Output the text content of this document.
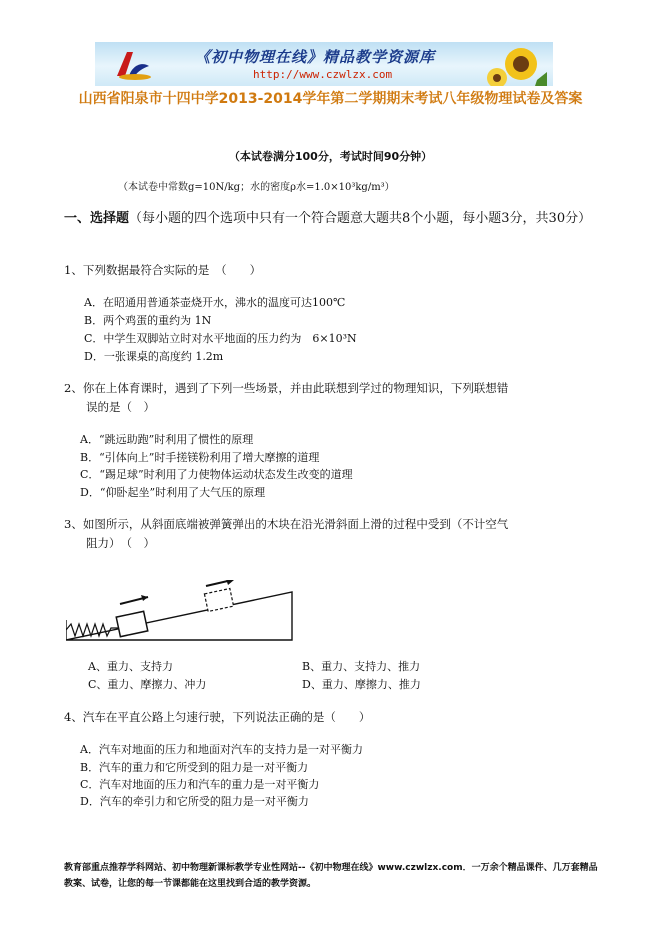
《初中物理在线》精品教学资源库
http://www.czwlzx.com
山西省阳泉市十四中学2013-2014学年第二学期期末考试八年级物理试卷及答案
（本试卷满分100分，考试时间90分钟）
（本试卷中常数g=10N/kg；水的密度ρ水=1.0×10³kg/m³）
一、选择题（每小题的四个选项中只有一个符合题意大题共8个小题，每小题3分，共30分）
1、下列数据最符合实际的是　（　　）
A．在昭通用普通茶壶烧开水，沸水的温度可达100℃
B．两个鸡蛋的重约为 1N
C．中学生双脚站立时对水平地面的压力约为　6×10³N
D．一张课桌的高度约 1.2m
2、你在上体育课时，遇到了下列一些场景，并由此联想到学过的物理知识，下列联想错
误的是（　）
A．“跳远助跑”时利用了惯性的原理
B．“引体向上”时手搓镁粉利用了增大摩擦的道理
C．“踢足球”时利用了力使物体运动状态发生改变的道理
D．“仰卧起坐”时利用了大气压的原理
3、如图所示，从斜面底端被弹簧弹出的木块在沿光滑斜面上滑的过程中受到（不计空气
阻力）　（　）
A、重力、支持力	B、重力、支持力、推力
C、重力、摩擦力、冲力	D、重力、摩擦力、推力
4、汽车在平直公路上匀速行驶，下列说法正确的是（　　）
A．汽车对地面的压力和地面对汽车的支持力是一对平衡力
B．汽车的重力和它所受到的阻力是一对平衡力
C．汽车对地面的压力和汽车的重力是一对平衡力
D．汽车的牵引力和它所受的阻力是一对平衡力
教育部重点推荐学科网站、初中物理新课标教学专业性网站--《初中物理在线》www.czwlzx.com．一万余个精品课件、几万套精品教案、试卷，让您的每一节课都能在这里找到合适的教学资源。
